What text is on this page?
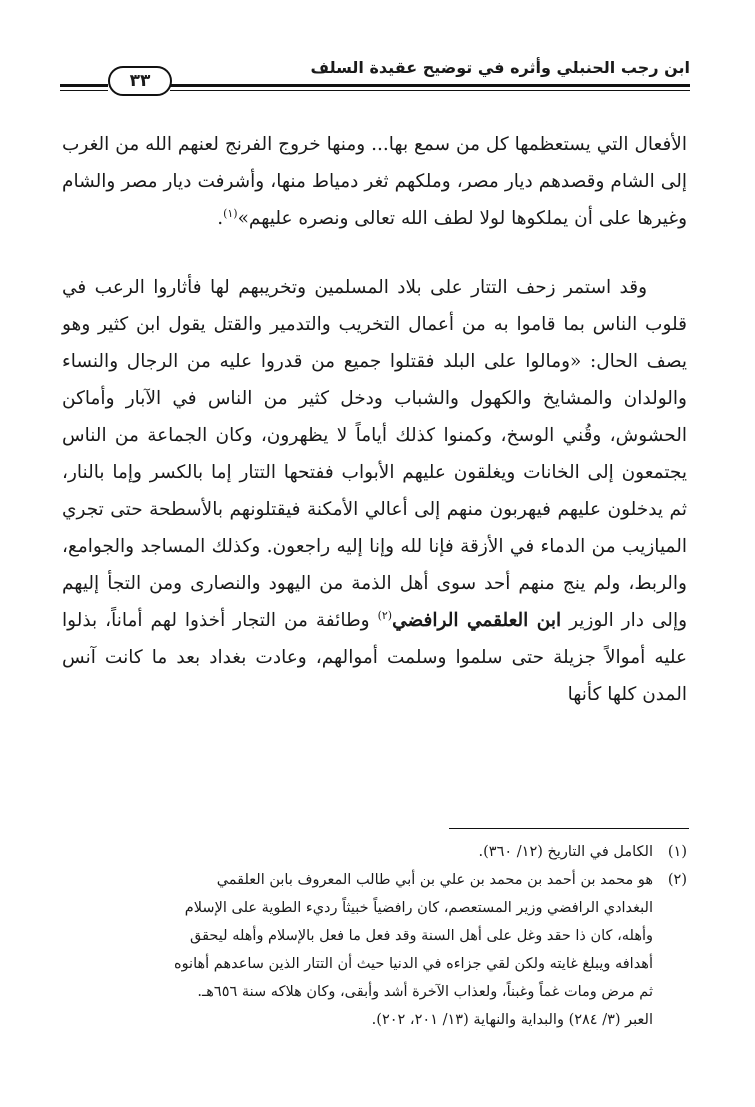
ابن رجب الحنبلي وأثره في توضيح عقيدة السلف
٣٣

الأفعال التي يستعظمها كل من سمع بها... ومنها خروج الفرنج لعنهم الله من الغرب إلى الشام وقصدهم ديار مصر، وملكهم ثغر دمياط منها، وأشرفت ديار مصر والشام وغيرها على أن يملكوها لولا لطف الله تعالى ونصره عليهم»$^{(١)}$.

وقد استمر زحف التتار على بلاد المسلمين وتخريبهم لها فأثاروا الرعب في قلوب الناس بما قاموا به من أعمال التخريب والتدمير والقتل يقول ابن كثير وهو يصف الحال: «ومالوا على البلد فقتلوا جميع من قدروا عليه من الرجال والنساء والولدان والمشايخ والكهول والشباب ودخل كثير من الناس في الآبار وأماكن الحشوش، وقُني الوسخ، وكمنوا كذلك أياماً لا يظهرون، وكان الجماعة من الناس يجتمعون إلى الخانات ويغلقون عليهم الأبواب ففتحها التتار إما بالكسر وإما بالنار، ثم يدخلون عليهم فيهربون منهم إلى أعالي الأمكنة فيقتلونهم بالأسطحة حتى تجري الميازيب من الدماء في الأزقة فإنا لله وإنا إليه راجعون. وكذلك المساجد والجوامع، والربط، ولم ينج منهم أحد سوى أهل الذمة من اليهود والنصارى ومن التجأ إليهم وإلى دار الوزير ابن العلقمي الرافضي$^{(٢)}$ وطائفة من التجار أخذوا لهم أماناً، بذلوا عليه أموالاً جزيلة حتى سلموا وسلمت أموالهم، وعادت بغداد بعد ما كانت آنس المدن كلها كأنها

(١)
الكامل في التاريخ (١٢/ ٣٦٠).
(٢)
هو محمد بن أحمد بن محمد بن علي بن أبي طالب المعروف بابن العلقمي
البغدادي الرافضي وزير المستعصم، كان رافضياً خبيثاً رديء الطوية على الإسلام
وأهله، كان ذا حقد وغل على أهل السنة وقد فعل ما فعل بالإسلام وأهله ليحقق
أهدافه ويبلغ غايته ولكن لقي جزاءه في الدنيا حيث أن التتار الذين ساعدهم أهانوه
ثم مرض ومات غماً وغبناً، ولعذاب الآخرة أشد وأبقى، وكان هلاكه سنة ٦٥٦هـ.
العبر (٣/ ٢٨٤) والبداية والنهاية (١٣/ ٢٠١، ٢٠٢).
